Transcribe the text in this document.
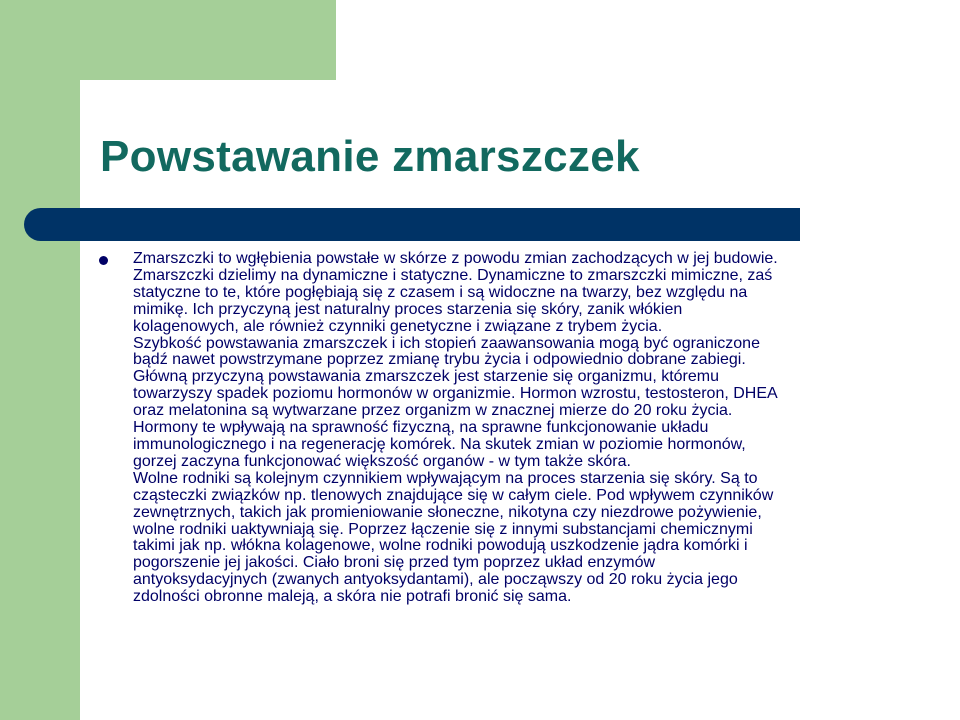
Powstawanie zmarszczek
Zmarszczki to wgłębienia powstałe w skórze z powodu zmian zachodzących w jej budowie.
Zmarszczki dzielimy na dynamiczne i statyczne. Dynamiczne to zmarszczki mimiczne, zaś
statyczne to te, które pogłębiają się z czasem i są widoczne na twarzy, bez względu na
mimikę. Ich przyczyną jest naturalny proces starzenia się skóry, zanik włókien
kolagenowych, ale również czynniki genetyczne i związane z trybem życia.
Szybkość powstawania zmarszczek i ich stopień zaawansowania mogą być ograniczone
bądź nawet powstrzymane poprzez zmianę trybu życia i odpowiednio dobrane zabiegi.
Główną przyczyną powstawania zmarszczek jest starzenie się organizmu, któremu
towarzyszy spadek poziomu hormonów w organizmie. Hormon wzrostu, testosteron, DHEA
oraz melatonina są wytwarzane przez organizm w znacznej mierze do 20 roku życia.
Hormony te wpływają na sprawność fizyczną, na sprawne funkcjonowanie układu
immunologicznego i na regenerację komórek. Na skutek zmian w poziomie hormonów,
gorzej zaczyna funkcjonować większość organów - w tym także skóra.
Wolne rodniki są kolejnym czynnikiem wpływającym na proces starzenia się skóry. Są to
cząsteczki związków np. tlenowych znajdujące się w całym ciele. Pod wpływem czynników
zewnętrznych, takich jak promieniowanie słoneczne, nikotyna czy niezdrowe pożywienie,
wolne rodniki uaktywniają się. Poprzez łączenie się z innymi substancjami chemicznymi
takimi jak np. włókna kolagenowe, wolne rodniki powodują uszkodzenie jądra komórki i
pogorszenie jej jakości. Ciało broni się przed tym poprzez układ enzymów
antyoksydacyjnych (zwanych antyoksydantami), ale począwszy od 20 roku życia jego
zdolności obronne maleją, a skóra nie potrafi bronić się sama.
